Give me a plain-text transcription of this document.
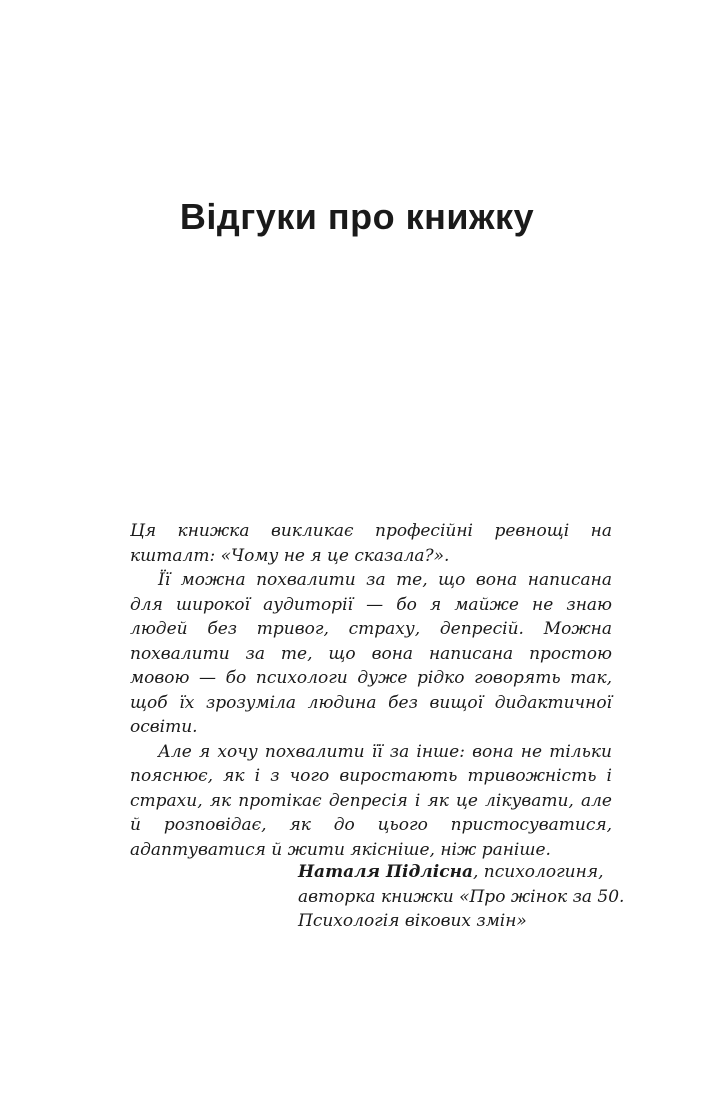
Відгуки про книжку

Ця книжка викликає професійні ревнощі на кшталт: «Чому не я це сказала?».

Її можна похвалити за те, що вона написана для широкої аудиторії — бо я майже не знаю людей без тривог, страху, депресій. Можна похвалити за те, що вона написана простою мовою — бо психологи дуже рідко говорять так, щоб їх зрозуміла людина без вищої дидактичної освіти.

Але я хочу похвалити її за інше: вона не тільки пояснює, як і з чого виростають тривожність і страхи, як протікає депресія і як це лікувати, але й розповідає, як до цього пристосуватися, адаптуватися й жити якісніше, ніж раніше.

Наталя Підлісна, психологиня,
авторка книжки «Про жінок за 50.
Психологія вікових змін»
